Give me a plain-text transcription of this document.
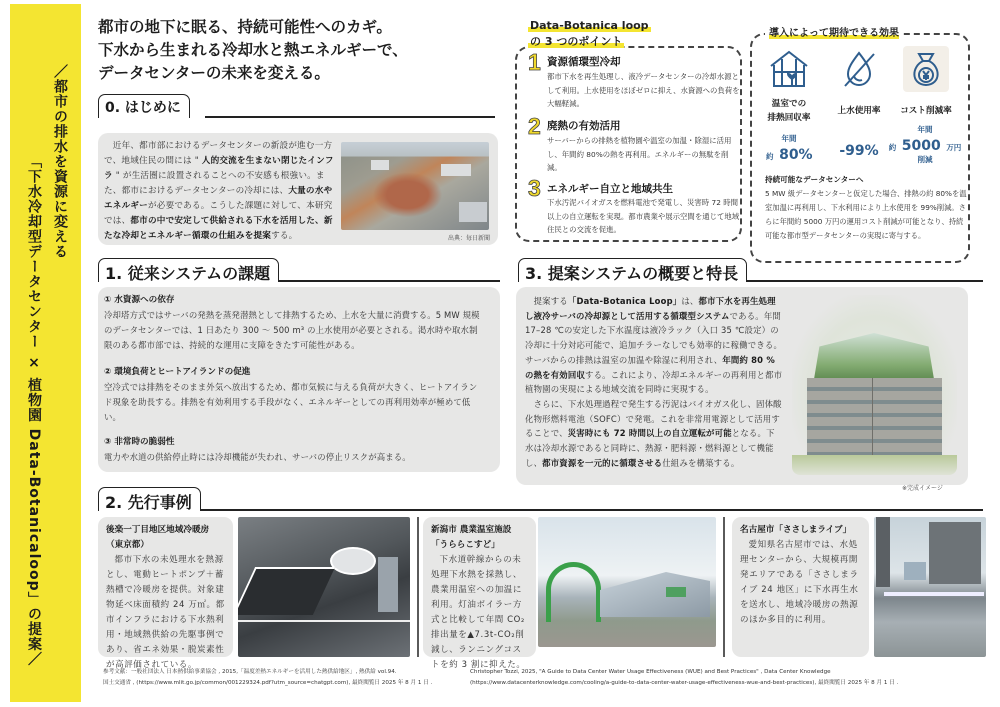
／都市の排水を資源に変える
「下水冷却型データセンター × 植物園 Data-Botanicaloop」の提案／
都市の地下に眠る、持続可能性へのカギ。
下水から生まれる冷却水と熱エネルギーで、
データセンターの未来を変える。
0. はじめに
　近年、都市部におけるデータセンターの新設が進む一方で、地域住民の間には " 人的交流を生まない閉じたインフラ " が生活圏に設置されることへの不安感も根強い。また、都市におけるデータセンターの冷却には、大量の水やエネルギーが必要である。こうした課題に対して、本研究では、都市の中で安定して供給される下水を活用した、新たな冷却とエネルギー循環の仕組みを提案する。	出典：毎日新聞
1. 従来システムの課題
① 水資源への依存
冷却塔方式ではサーバの発熱を蒸発潜熱として排熱するため、上水を大量に消費する。5 MW 規模のデータセンターでは、1 日あたり 300 ～ 500 m³ の上水使用が必要とされる。渇水時や取水制限のある都市部では、持続的な運用に支障をきたす可能性がある。
② 環境負荷とヒートアイランドの促進
空冷式では排熱をそのまま外気へ放出するため、都市気候に与える負荷が大きく、ヒートアイランド現象を助長する。排熱を有効利用する手段がなく、エネルギーとしての再利用効率が極めて低い。
③ 非常時の脆弱性
電力や水道の供給停止時には冷却機能が失われ、サーバの停止リスクが高まる。
2. 先行事例
後楽一丁目地区地域冷暖房（東京都）
都市下水の未処理水を熱源とし、電動ヒートポンプ＋蓄熱槽で冷暖房を提供。対象建物延べ床面積約 24 万㎡。都市インフラにおける下水熱利用・地域熱供給の先駆事例であり、省エネ効果・脱炭素性が高評価されている。
新潟市 農業温室施設「うららこすど」
下水道幹線からの未処理下水熱を採熱し、農業用温室への加温に利用。灯油ボイラー方式と比較して年間 CO₂ 排出量を▲7.3t-CO₂削減し、ランニングコストを約 3 割に抑えた。
名古屋市「ささしまライブ」
愛知県名古屋市では、水処理センターから、大規模再開発エリアである「ささしまライブ 24 地区」に下水再生水を送水し、地域冷暖房の熱源のほか多目的に利用。
Data-Botanica loop
の 3 つのポイント
1 資源循環型冷却
都市下水を再生処理し、液冷データセンターの冷却水源として利用。上水使用をほぼゼロに抑え、水資源への負荷を大幅軽減。
2 廃熱の有効活用
サーバーからの排熱を植物園や温室の加温・除湿に活用し、年間約 80%の熱を再利用。エネルギーの無駄を削減。
3 エネルギー自立と地域共生
下水汚泥バイオガスを燃料電池で発電し、災害時 72 時間以上の自立運転を実現。都市農業や展示空間を通じて地域住民との交流を促進。
導入によって期待できる効果
温室での
排熱回収率
上水使用率	コスト削減率
年間
約 80% -99%
年間
約 5000 万円
削減
持続可能なデータセンターへ
5 MW 級データセンターと仮定した場合、排熱の約 80%を温室加温に再利用し、下水利用により上水使用を 99%削減。さらに年間約 5000 万円の運用コスト削減が可能となり、持続可能な都市型データセンターの実現に寄与する。
3. 提案システムの概要と特長
　提案する「Data-Botanica Loop」は、都市下水を再生処理し液冷サーバの冷却源として活用する循環型システムである。年間 17–28 ℃の安定した下水温度は液冷ラック（入口 35 ℃設定）の冷却に十分対応可能で、追加チラーなしでも効率的に稼働できる。サーバからの排熱は温室の加温や除湿に利用され、年間約 80 % の熱を有効回収する。これにより、冷却エネルギーの再利用と都市植物園の実現による地域交流を同時に実現する。
　さらに、下水処理過程で発生する汚泥はバイオガス化し、固体酸化物形燃料電池（SOFC）で発電。これを非常用電源として活用することで、災害時にも 72 時間以上の自立運転が可能となる。下水は冷却水源であると同時に、熱源・肥料源・燃料源として機能し、都市資源を一元的に循環させる仕組みを構築する。
※完成イメージ
参考文献：一般社団法人 日本熱供給事業協会 , 2015,「温度差熱エネルギーを活用した熱供給地区」, 熱供給 vol.94.
国土交通省 , (https://www.mlit.go.jp/common/001229324.pdf?utm_source=chatgpt.com), 最終閲覧日 2025 年 8 月 1 日 .
Christopher Tozzi, 2025, "A Guide to Data Center Water Usage Effectiveness (WUE) and Best Practices" , Data Center Knowledge
(https://www.datacenterknowledge.com/cooling/a-guide-to-data-center-water-usage-effectiveness-wue-and-best-practices), 最終閲覧日 2025 年 8 月 1 日 .
